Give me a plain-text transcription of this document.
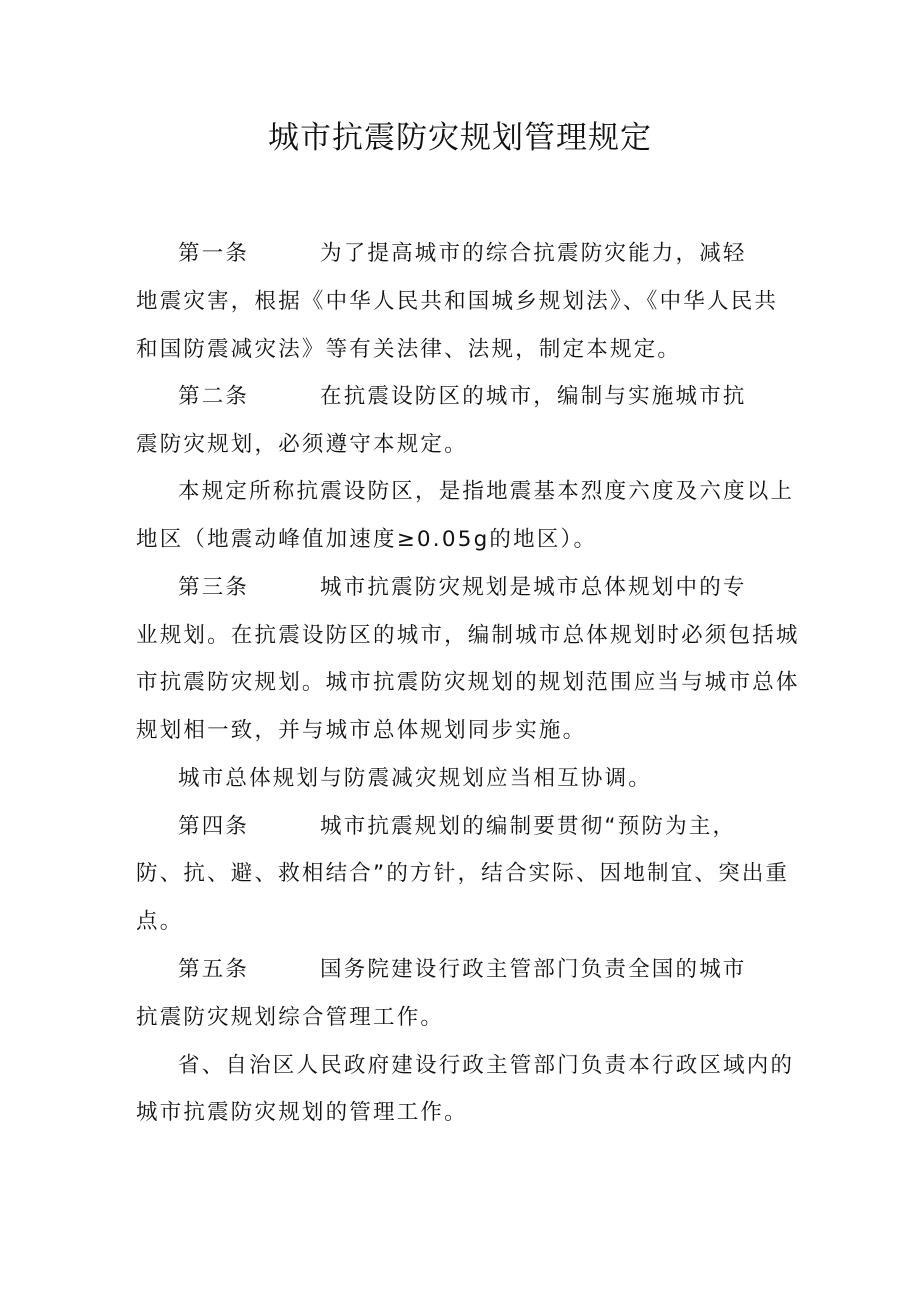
城市抗震防灾规划管理规定
第一条	为了提高城市的综合抗震防灾能力，减轻
地震灾害，根据《中华人民共和国城乡规划法》、《中华人民共
和国防震减灾法》等有关法律、法规，制定本规定。
第二条	在抗震设防区的城市，编制与实施城市抗
震防灾规划，必须遵守本规定。
本规定所称抗震设防区，是指地震基本烈度六度及六度以上
地区（地震动峰值加速度≥0.05g的地区）。
第三条	城市抗震防灾规划是城市总体规划中的专
业规划。在抗震设防区的城市，编制城市总体规划时必须包括城
市抗震防灾规划。城市抗震防灾规划的规划范围应当与城市总体
规划相一致，并与城市总体规划同步实施。
城市总体规划与防震减灾规划应当相互协调。
第四条	城市抗震规划的编制要贯彻“预防为主，
防、抗、避、救相结合”的方针，结合实际、因地制宜、突出重
点。
第五条	国务院建设行政主管部门负责全国的城市
抗震防灾规划综合管理工作。
省、自治区人民政府建设行政主管部门负责本行政区域内的
城市抗震防灾规划的管理工作。
